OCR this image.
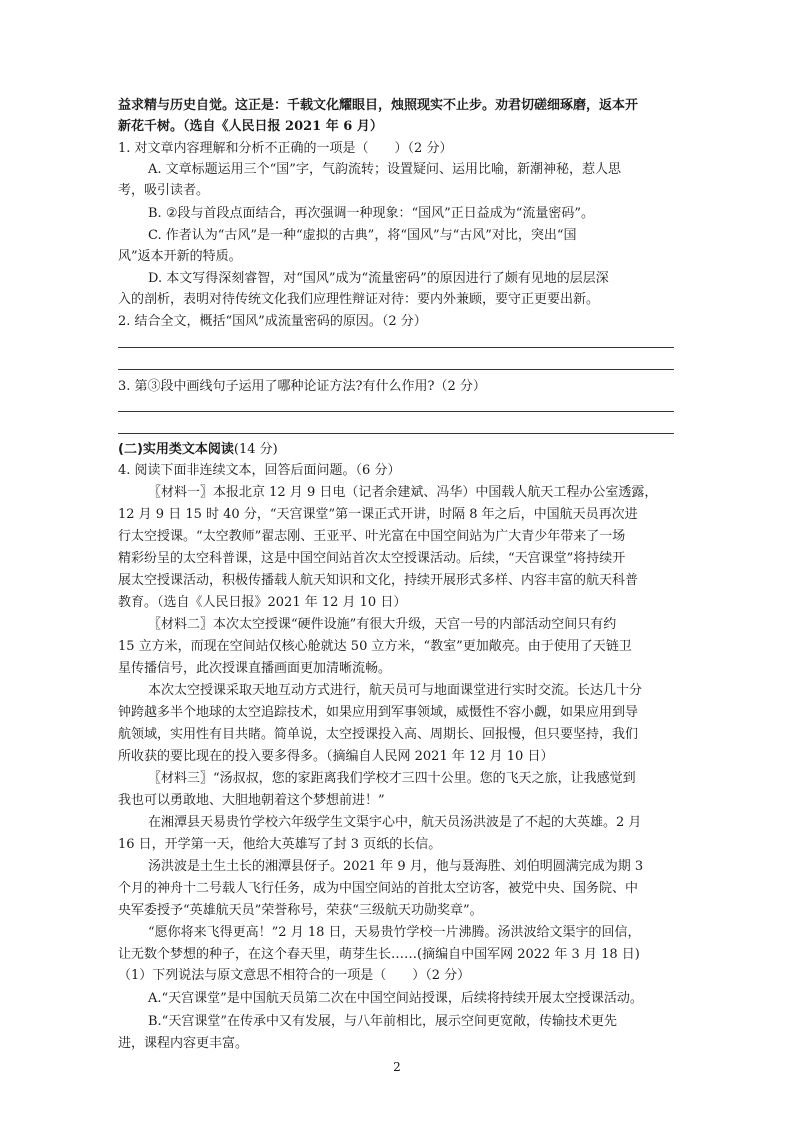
益求精与历史自觉。这正是：千载文化耀眼目，烛照现实不止步。劝君切磋细琢磨，返本开
新花千树。（选自《人民日报 2021 年 6 月）
1. 对文章内容理解和分析不正确的一项是（　　）（2 分）
A. 文章标题运用三个“国”字，气韵流转；设置疑问、运用比喻，新潮神秘，惹人思
考，吸引读者。
B. ②段与首段点面结合，再次强调一种现象：“国风”正日益成为“流量密码”。
C. 作者认为“古风”是一种“虚拟的古典”，将“国风”与“古风”对比，突出“国
风”返本开新的特质。
D. 本文写得深刻睿智，对“国风”成为“流量密码”的原因进行了颇有见地的层层深
入的剖析，表明对待传统文化我们应理性辩证对待：要内外兼顾，要守正更要出新。
2. 结合全文，概括“国风”成流量密码的原因。（2 分）
3. 第③段中画线句子运用了哪种论证方法?有什么作用?（2 分）
(二)实用类文本阅读(14 分)
4. 阅读下面非连续文本，回答后面问题。（6 分）
〖材料一〗本报北京 12 月 9 日电（记者余建斌、冯华）中国载人航天工程办公室透露，
12 月 9 日 15 时 40 分，“天宫课堂”第一课正式开讲，时隔 8 年之后，中国航天员再次进
行太空授课。“太空教师”翟志刚、王亚平、叶光富在中国空间站为广大青少年带来了一场
精彩纷呈的太空科普课，这是中国空间站首次太空授课活动。后续，“天宫课堂”将持续开
展太空授课活动，积极传播载人航天知识和文化，持续开展形式多样、内容丰富的航天科普
教育。（选自《人民日报》2021 年 12 月 10 日）
〖材料二〗本次太空授课“硬件设施”有很大升级，天宫一号的内部活动空间只有约
15 立方米，而现在空间站仅核心舱就达 50 立方米，“教室”更加敞亮。由于使用了天链卫
星传播信号，此次授课直播画面更加清晰流畅。
本次太空授课采取天地互动方式进行，航天员可与地面课堂进行实时交流。长达几十分
钟跨越多半个地球的太空追踪技术，如果应用到军事领域，威慑性不容小觑，如果应用到导
航领域，实用性有目共睹。简单说，太空授课投入高、周期长、回报慢，但只要坚持，我们
所收获的要比现在的投入要多得多。（摘编自人民网 2021 年 12 月 10 日）
〖材料三〗“汤叔叔，您的家距离我们学校才三四十公里。您的飞天之旅，让我感觉到
我也可以勇敢地、大胆地朝着这个梦想前进！”
在湘潭县天易贵竹学校六年级学生文渠宇心中，航天员汤洪波是了不起的大英雄。2 月
16 日，开学第一天，他给大英雄写了封 3 页纸的长信。
汤洪波是土生土长的湘潭县伢子。2021 年 9 月，他与聂海胜、刘伯明圆满完成为期 3
个月的神舟十二号载人飞行任务，成为中国空间站的首批太空访客，被党中央、国务院、中
央军委授予“英雄航天员”荣誉称号，荣获“三级航天功勋奖章”。
“愿你将来飞得更高！”2 月 18 日，天易贵竹学校一片沸腾。汤洪波给文渠宇的回信，
让无数个梦想的种子，在这个春天里，萌芽生长……(摘编自中国军网 2022 年 3 月 18 日)
（1）下列说法与原文意思不相符合的一项是（　　）（2 分）
A.“天宫课堂”是中国航天员第二次在中国空间站授课，后续将持续开展太空授课活动。
B.“天宫课堂”在传承中又有发展，与八年前相比，展示空间更宽敞，传输技术更先
进，课程内容更丰富。
2
